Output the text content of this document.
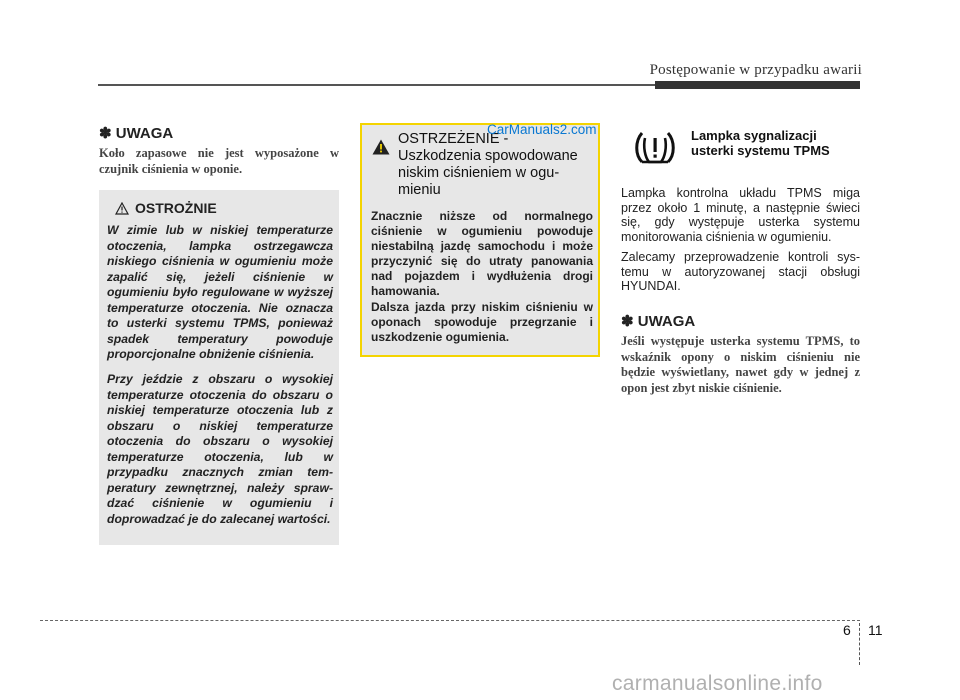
Postępowanie w przypadku awarii
✽ UWAGA
Koło zapasowe nie jest wyposażone w czujnik ciśnienia w oponie.
OSTROŻNIE
W zimie lub w niskiej temperaturze otoczenia, lampka ostrzegawcza niskiego ciśnienia w ogumieniu może zapalić się, jeżeli ciśnienie w ogumieniu było regulowane w wyższej temperaturze otoczenia. Nie oznacza to usterki systemu TPMS, ponieważ spadek temperatury powoduje proporcjonalne obniżenie ciśnienia.
Przy jeździe z obszaru o wysokiej temperaturze otoczenia do obszaru o niskiej temperaturze otoczenia lub z obszaru o niskiej temperaturze otoczenia do obszaru o wysokiej temperaturze otoczenia, lub w przypadku znacznych zmian temperatury zewnętrznej, należy sprawdzać ciśnienie w ogumieniu i doprowadzać je do zalecanej wartości.
OSTRZEŻENIE - Uszkodzenia spowodowane niskim ciśnieniem w ogumieniu
Znacznie niższe od normalnego ciśnienie w ogumieniu powoduje niestabilną jazdę samochodu i może przyczynić się do utraty panowania nad pojazdem i wydłużenia drogi hamowania.
Dalsza jazda przy niskim ciśnieniu w oponach spowoduje przegrzanie i uszkodzenie ogumienia.
CarManuals2.com	Lampka sygnalizacji usterki systemu TPMS
Lampka kontrolna układu TPMS miga przez około 1 minutę, a następnie świeci się, gdy występuje usterka systemu monitorowania ciśnienia w ogumieniu.
Zalecamy przeprowadzenie kontroli systemu w autoryzowanej stacji obsługi HYUNDAI.
✽ UWAGA
Jeśli występuje usterka systemu TPMS, to wskaźnik opony o niskim ciśnieniu nie będzie wyświetlany, nawet gdy w jednej z opon jest zbyt niskie ciśnienie.
6 11
carmanualsonline.info
